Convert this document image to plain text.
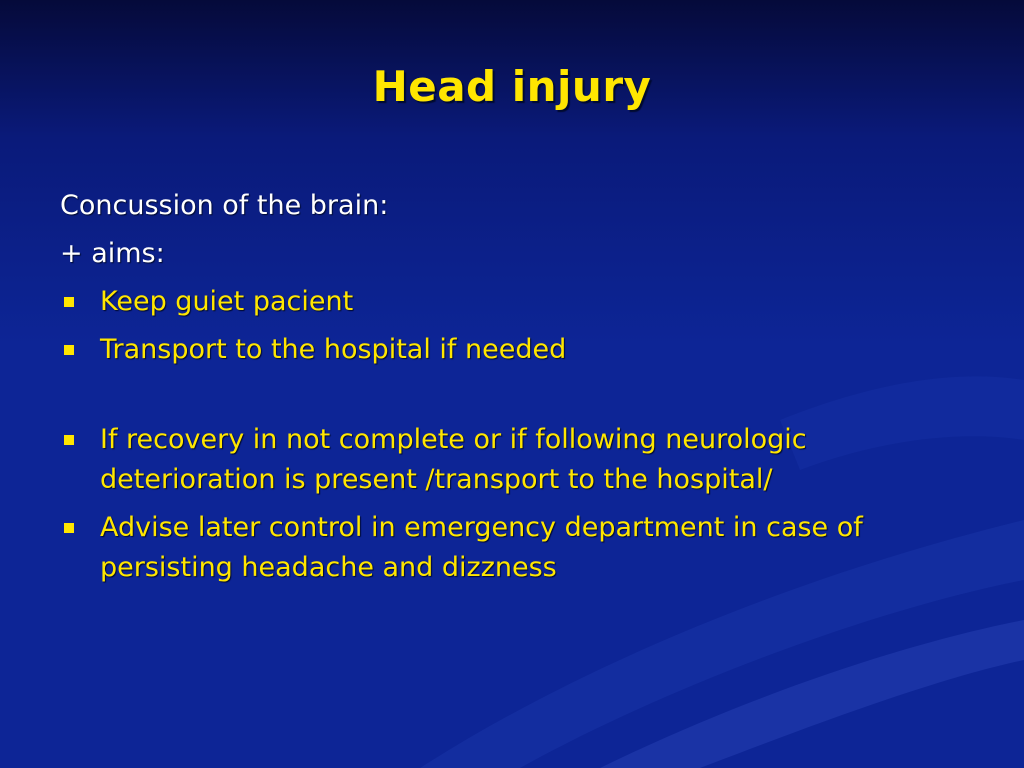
Head injury
Concussion of the brain:
+ aims:
Keep guiet pacient
Transport to the hospital if needed
If recovery in not complete or if following neurologic deterioration is present /transport to the hospital/
Advise later control in emergency department in case of persisting headache and dizzness
